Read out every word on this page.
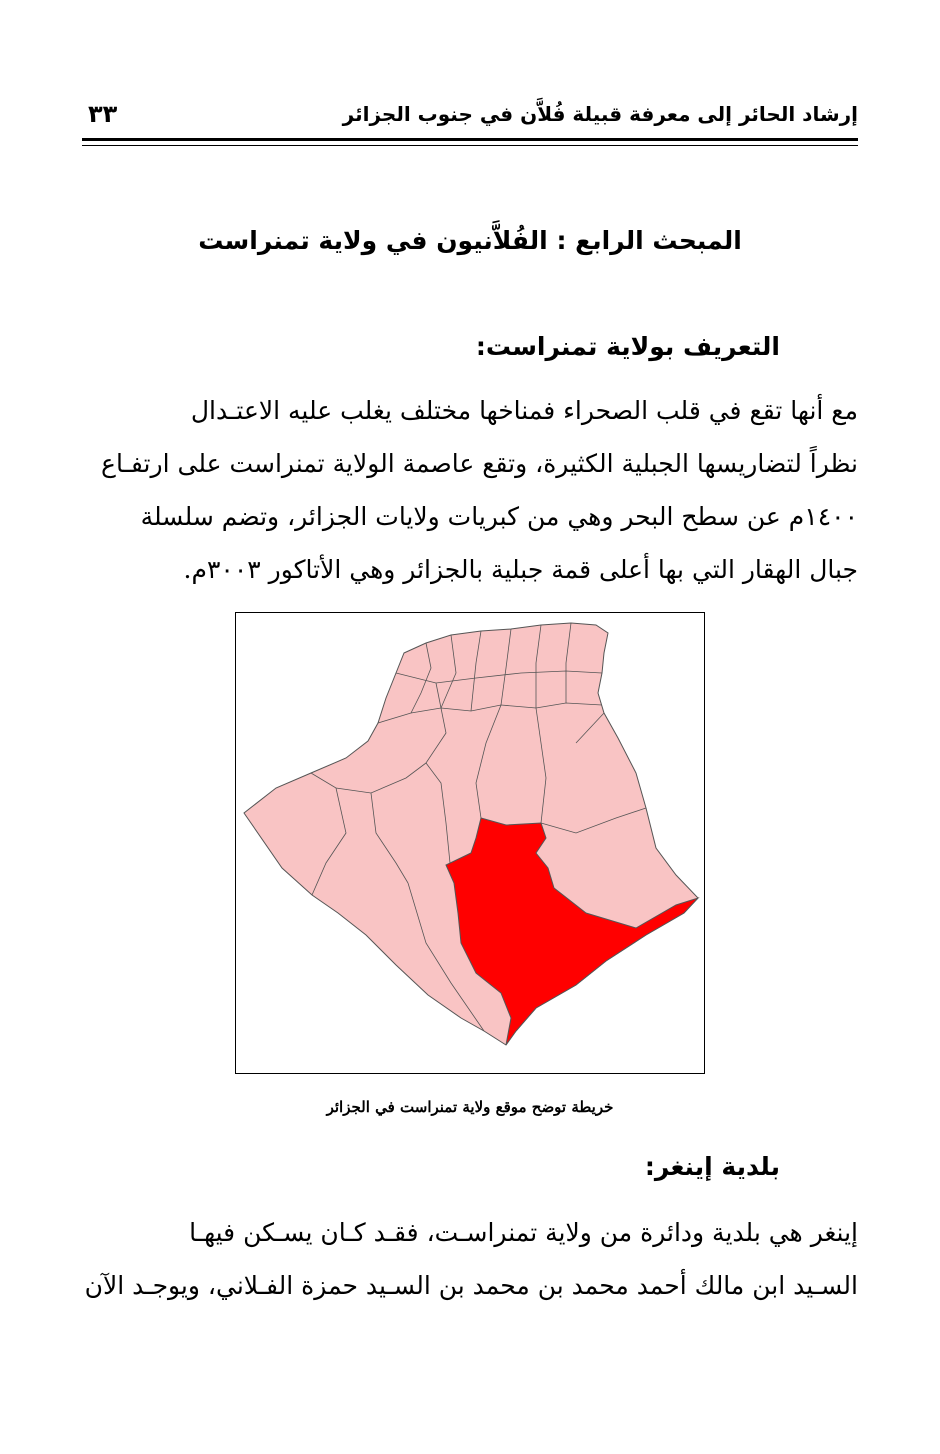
إرشاد الحائر إلى معرفة قبيلة فُلاَّن في جنوب الجزائر
٣٣
المبحث الرابع : الفُلاَّنيون في ولاية تمنراست
التعريف بولاية تمنراست:
مع أنها تقع في قلب الصحراء فمناخها مختلف يغلب عليه الاعتـدال
نظراً لتضاريسها الجبلية الكثيرة، وتقع عاصمة الولاية تمنراست على ارتفـاع
١٤٠٠م عن سطح البحر وهي من كبريات ولايات الجزائر، وتضم سلسلة
جبال الهقار التي بها أعلى قمة جبلية بالجزائر وهي الأتاكور ٣٠٠٣م.
خريطة توضح موقع ولاية تمنراست في الجزائر
بلدية إينغر:
إينغر هي بلدية ودائرة من ولاية تمنراسـت، فقـد كـان يسـكن فيهـا
السـيد ابن مالك أحمد محمد بن محمد بن السـيد حمزة الفـلاني، ويوجـد الآن
